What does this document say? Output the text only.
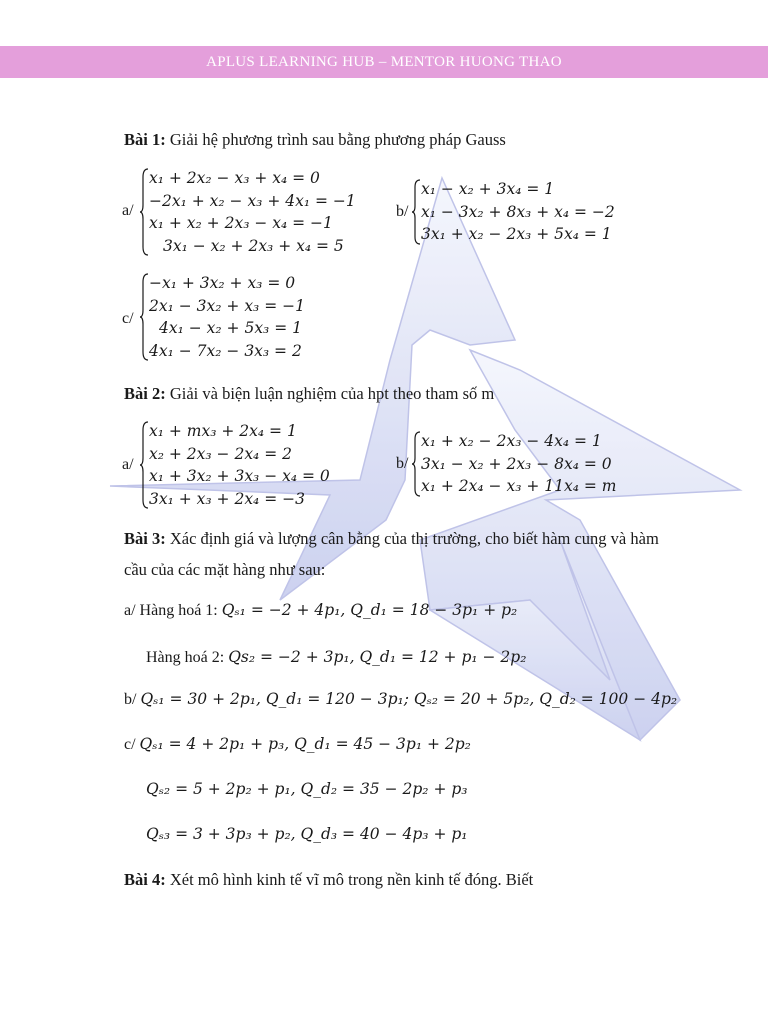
APLUS LEARNING HUB – MENTOR HUONG THAO
Bài 1: Giải hệ phương trình sau bằng phương pháp Gauss
a/
x₁ + 2x₂ − x₃ + x₄ = 0
−2x₁ + x₂ − x₃ + 4x₁ = −1
x₁ + x₂ + 2x₃ − x₄ = −1
3x₁ − x₂ + 2x₃ + x₄ = 5
b/
x₁ − x₂ + 3x₄ = 1
x₁ − 3x₂ + 8x₃ + x₄ = −2
3x₁ + x₂ − 2x₃ + 5x₄ = 1
c/
−x₁ + 3x₂ + x₃ = 0
2x₁ − 3x₂ + x₃ = −1
4x₁ − x₂ + 5x₃ = 1
4x₁ − 7x₂ − 3x₃ = 2
Bài 2: Giải và biện luận nghiệm của hpt theo tham số m
a/
x₁ + mx₃ + 2x₄ = 1
x₂ + 2x₃ − 2x₄ = 2
x₁ + 3x₂ + 3x₃ − x₄ = 0
3x₁ + x₃ + 2x₄ = −3
b/
x₁ + x₂ − 2x₃ − 4x₄ = 1
3x₁ − x₂ + 2x₃ − 8x₄ = 0
x₁ + 2x₄ − x₃ + 11x₄ = m
Bài 3: Xác định giá và lượng cân bằng của thị trường, cho biết hàm cung và hàm
cầu của các mặt hàng như sau:
a/ Hàng hoá 1: Qₛ₁ = −2 + 4p₁, Q_d₁ = 18 − 3p₁ + p₂
Hàng hoá 2: Qs₂ = −2 + 3p₁, Q_d₁ = 12 + p₁ − 2p₂
b/ Qₛ₁ = 30 + 2p₁, Q_d₁ = 120 − 3p₁; Qₛ₂ = 20 + 5p₂, Q_d₂ = 100 − 4p₂
c/ Qₛ₁ = 4 + 2p₁ + p₃, Q_d₁ = 45 − 3p₁ + 2p₂
Qₛ₂ = 5 + 2p₂ + p₁, Q_d₂ = 35 − 2p₂ + p₃
Qₛ₃ = 3 + 3p₃ + p₂, Q_d₃ = 40 − 4p₃ + p₁
Bài 4: Xét mô hình kinh tế vĩ mô trong nền kinh tế đóng. Biết
